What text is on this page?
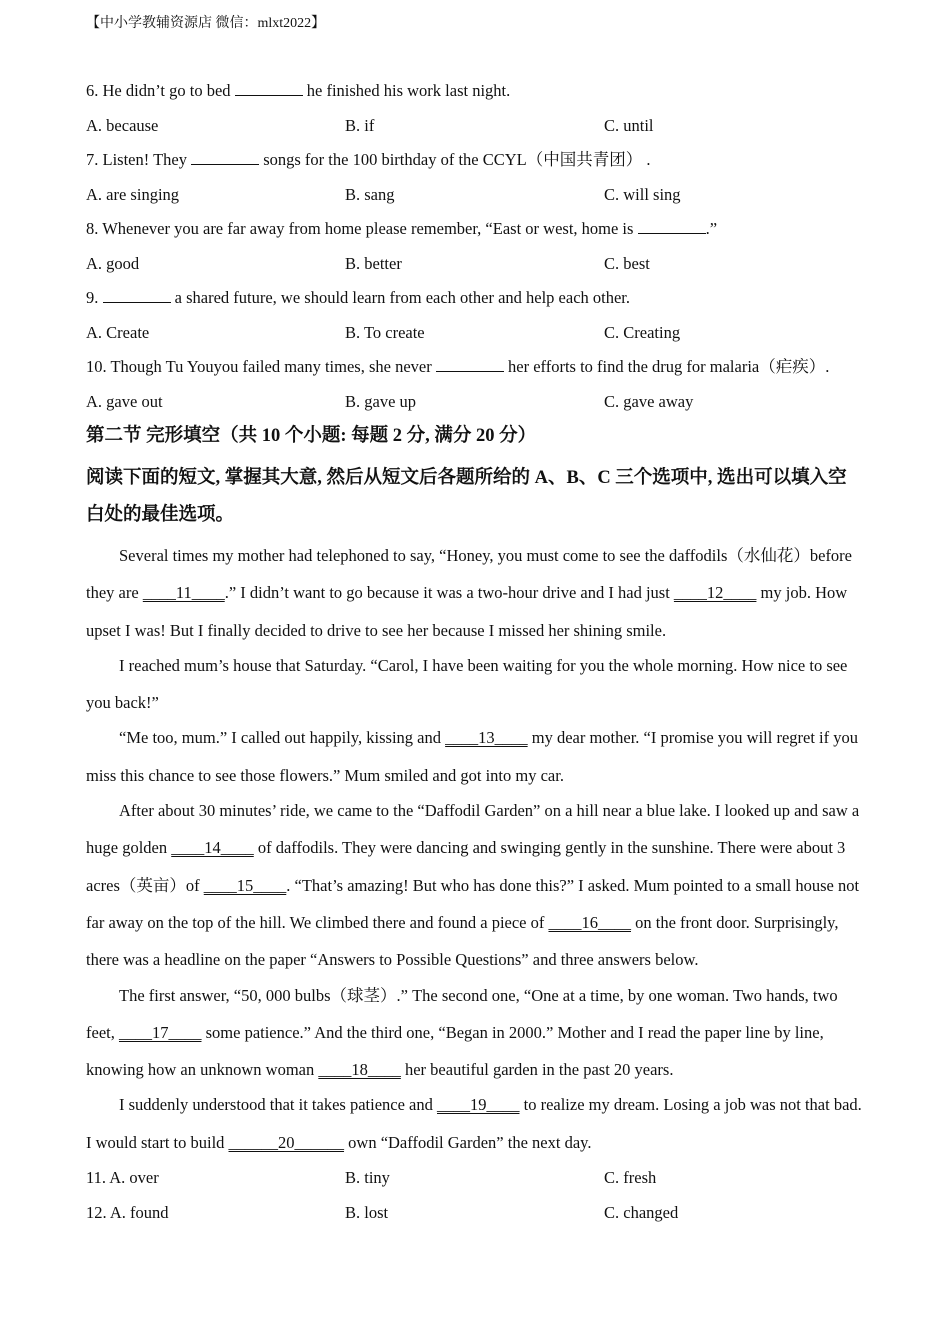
【中小学教辅资源店 微信：mlxt2022】
6. He didn’t go to bed	he finished his work last night.
A. because	B. if	C. until
7. Listen! They	songs for the 100 birthday of the CCYL（中国共青团） .
A. are singing	B. sang	C. will sing
8. Whenever you are far away from home please remember, “East or west, home is	.”
A. good	B. better	C. best
9.	a shared future, we should learn from each other and help each other.
A. Create	B. To create	C. Creating
10. Though Tu Youyou failed many times, she never	her efforts to find the drug for malaria（疟疾）.
A. gave out	B. gave up	C. gave away
第二节 完形填空（共 10 个小题: 每题 2 分, 满分 20 分）
阅读下面的短文, 掌握其大意, 然后从短文后各题所给的 A、B、C 三个选项中, 选出可以填入空白处的最佳选项。
Several times my mother had telephoned to say, “Honey, you must come to see the daffodils（水仙花）before they are ____11____.” I didn’t want to go because it was a two-hour drive and I had just ____12____ my job. How upset I was! But I finally decided to drive to see her because I missed her shining smile.
I reached mum’s house that Saturday. “Carol, I have been waiting for you the whole morning. How nice to see you back!”
“Me too, mum.” I called out happily, kissing and ____13____ my dear mother. “I promise you will regret if you miss this chance to see those flowers.” Mum smiled and got into my car.
After about 30 minutes’ ride, we came to the “Daffodil Garden” on a hill near a blue lake. I looked up and saw a huge golden ____14____ of daffodils. They were dancing and swinging gently in the sunshine. There were about 3 acres（英亩）of ____15____. “That’s amazing! But who has done this?” I asked. Mum pointed to a small house not far away on the top of the hill. We climbed there and found a piece of ____16____ on the front door. Surprisingly, there was a headline on the paper “Answers to Possible Questions” and three answers below.
The first answer, “50, 000 bulbs（球茎）.” The second one, “One at a time, by one woman. Two hands, two feet, ____17____ some patience.” And the third one, “Began in 2000.” Mother and I read the paper line by line, knowing how an unknown woman ____18____ her beautiful garden in the past 20 years.
I suddenly understood that it takes patience and ____19____ to realize my dream. Losing a job was not that bad. I would start to build ______20______ own “Daffodil Garden” the next day.
11. A. over	B. tiny	C. fresh
12. A. found	B. lost	C. changed
